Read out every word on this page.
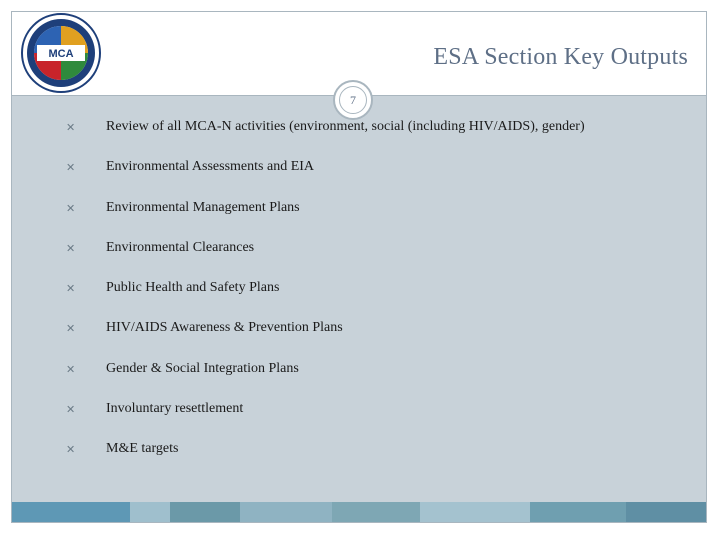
MCA	ESA Section Key Outputs
7
✕ Review of all MCA-N activities (environment, social (including HIV/AIDS), gender)
✕ Environmental Assessments and EIA
✕ Environmental Management Plans
✕ Environmental Clearances
✕ Public Health and Safety Plans
✕ HIV/AIDS Awareness & Prevention Plans
✕ Gender & Social Integration Plans
✕ Involuntary resettlement
✕ M&E targets
